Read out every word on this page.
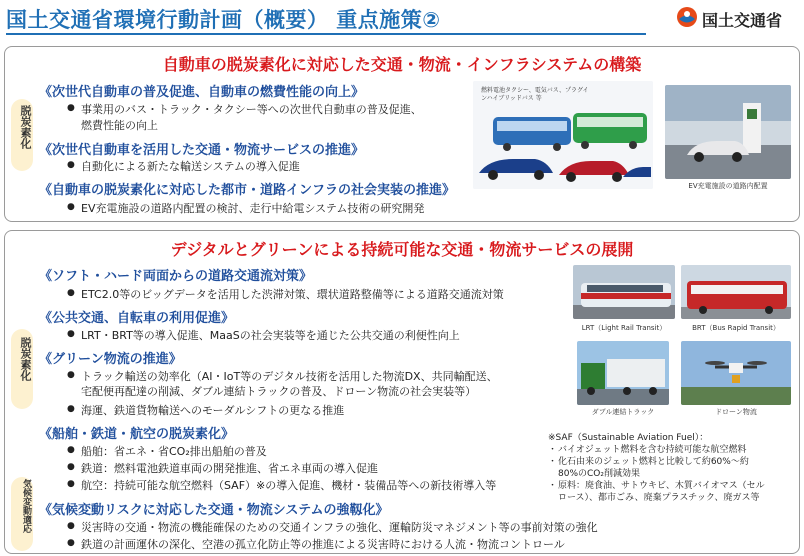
国土交通省環境行動計画（概要） 重点施策②	国土交通省
自動車の脱炭素化に対応した交通・物流・インフラシステムの構築
脱炭素化
《次世代自動車の普及促進、自動車の燃費性能の向上》
● 事業用のバス・トラック・タクシー等への次世代自動車の普及促進、
燃費性能の向上
《次世代自動車を活用した交通・物流サービスの推進》
● 自動化による新たな輸送システムの導入促進
《自動車の脱炭素化に対応した都市・道路インフラの社会実装の推進》
● EV充電施設の道路内配置の検討、走行中給電システム技術の研究開発
燃料電池タクシー、電気バス、プラグインハイブリッドバス 等
EV充電施設の道路内配置
デジタルとグリーンによる持続可能な交通・物流サービスの展開
脱炭素化
気候変動適応
《ソフト・ハード両面からの道路交通流対策》
● ETC2.0等のビッグデータを活用した渋滞対策、環状道路整備等による道路交通流対策
《公共交通、自転車の利用促進》
● LRT・BRT等の導入促進、MaaSの社会実装等を通じた公共交通の利便性向上
《グリーン物流の推進》
● トラック輸送の効率化（AI・IoT等のデジタル技術を活用した物流DX、共同輸配送、
宅配便再配達の削減、ダブル連結トラックの普及、ドローン物流の社会実装等）
● 海運、鉄道貨物輸送へのモーダルシフトの更なる推進
《船舶・鉄道・航空の脱炭素化》
● 船舶：省エネ・省CO₂排出船舶の普及
● 鉄道：燃料電池鉄道車両の開発推進、省エネ車両の導入促進
● 航空：持続可能な航空燃料（SAF）※の導入促進、機材・装備品等への新技術導入等
《気候変動リスクに対応した交通・物流システムの強靱化》
● 災害時の交通・物流の機能確保のための交通インフラの強化、運輸防災マネジメント等の事前対策の強化
● 鉄道の計画運休の深化、空港の孤立化防止等の推進による災害時における人流・物流コントロール
LRT（Light Rail Transit）	BRT（Bus Rapid Transit）
ダブル連結トラック	ドローン物流
※SAF（Sustainable Aviation Fuel）：
・ バイオジェット燃料を含む持続可能な航空燃料
・ 化石由来のジェット燃料と比較して約60%～約
80%のCO₂削減効果
・ 原料：廃食油、サトウキビ、木質バイオマス（セル
ロース）、都市ごみ、廃棄プラスチック、廃ガス等
